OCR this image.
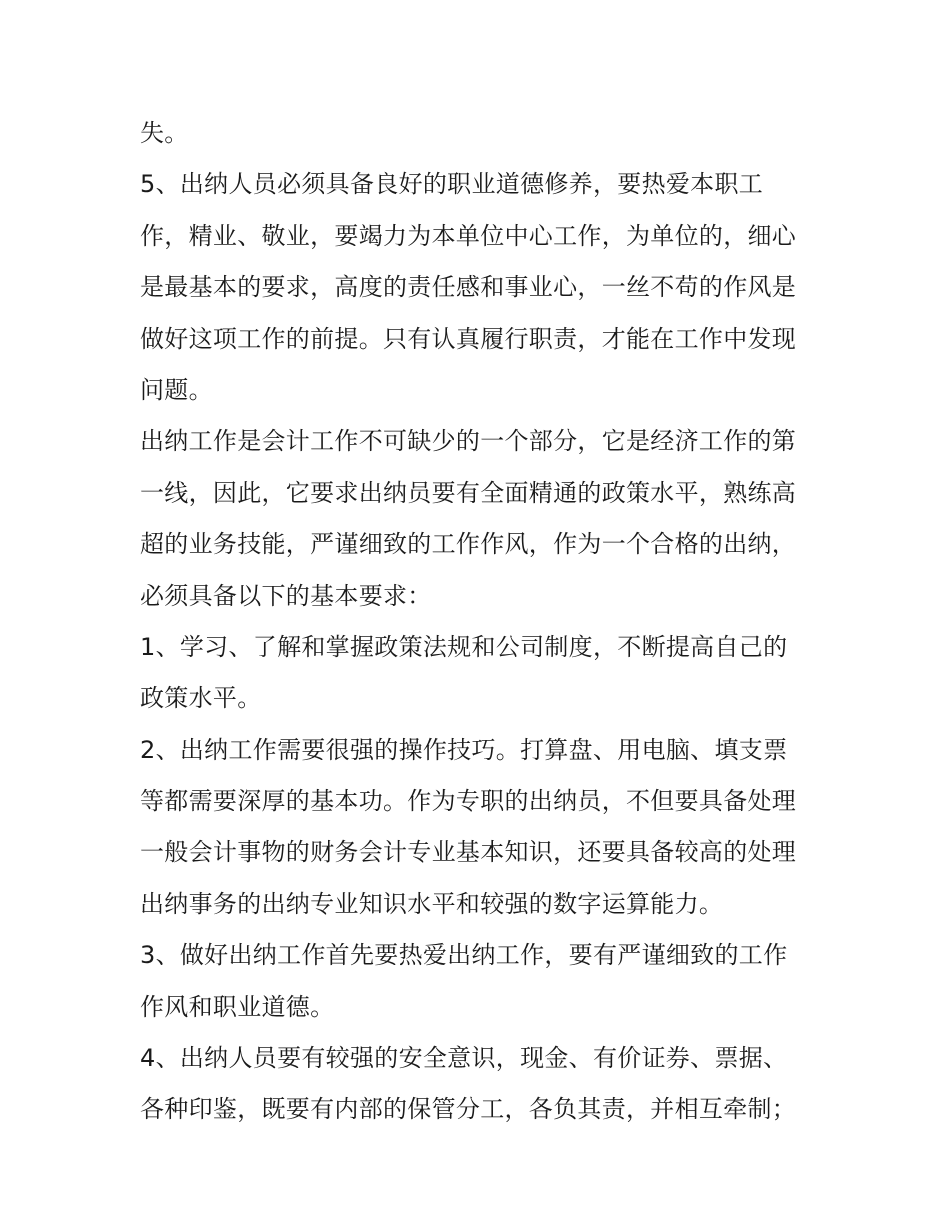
失。
5、出纳人员必须具备良好的职业道德修养，要热爱本职工
作，精业、敬业，要竭力为本单位中心工作，为单位的，细心
是最基本的要求，高度的责任感和事业心，一丝不苟的作风是
做好这项工作的前提。只有认真履行职责，才能在工作中发现
问题。
出纳工作是会计工作不可缺少的一个部分，它是经济工作的第
一线，因此，它要求出纳员要有全面精通的政策水平，熟练高
超的业务技能，严谨细致的工作作风，作为一个合格的出纳，
必须具备以下的基本要求：
1、学习、了解和掌握政策法规和公司制度，不断提高自己的
政策水平。
2、出纳工作需要很强的操作技巧。打算盘、用电脑、填支票
等都需要深厚的基本功。作为专职的出纳员，不但要具备处理
一般会计事物的财务会计专业基本知识，还要具备较高的处理
出纳事务的出纳专业知识水平和较强的数字运算能力。
3、做好出纳工作首先要热爱出纳工作，要有严谨细致的工作
作风和职业道德。
4、出纳人员要有较强的安全意识，现金、有价证券、票据、
各种印鉴，既要有内部的保管分工，各负其责，并相互牵制；
